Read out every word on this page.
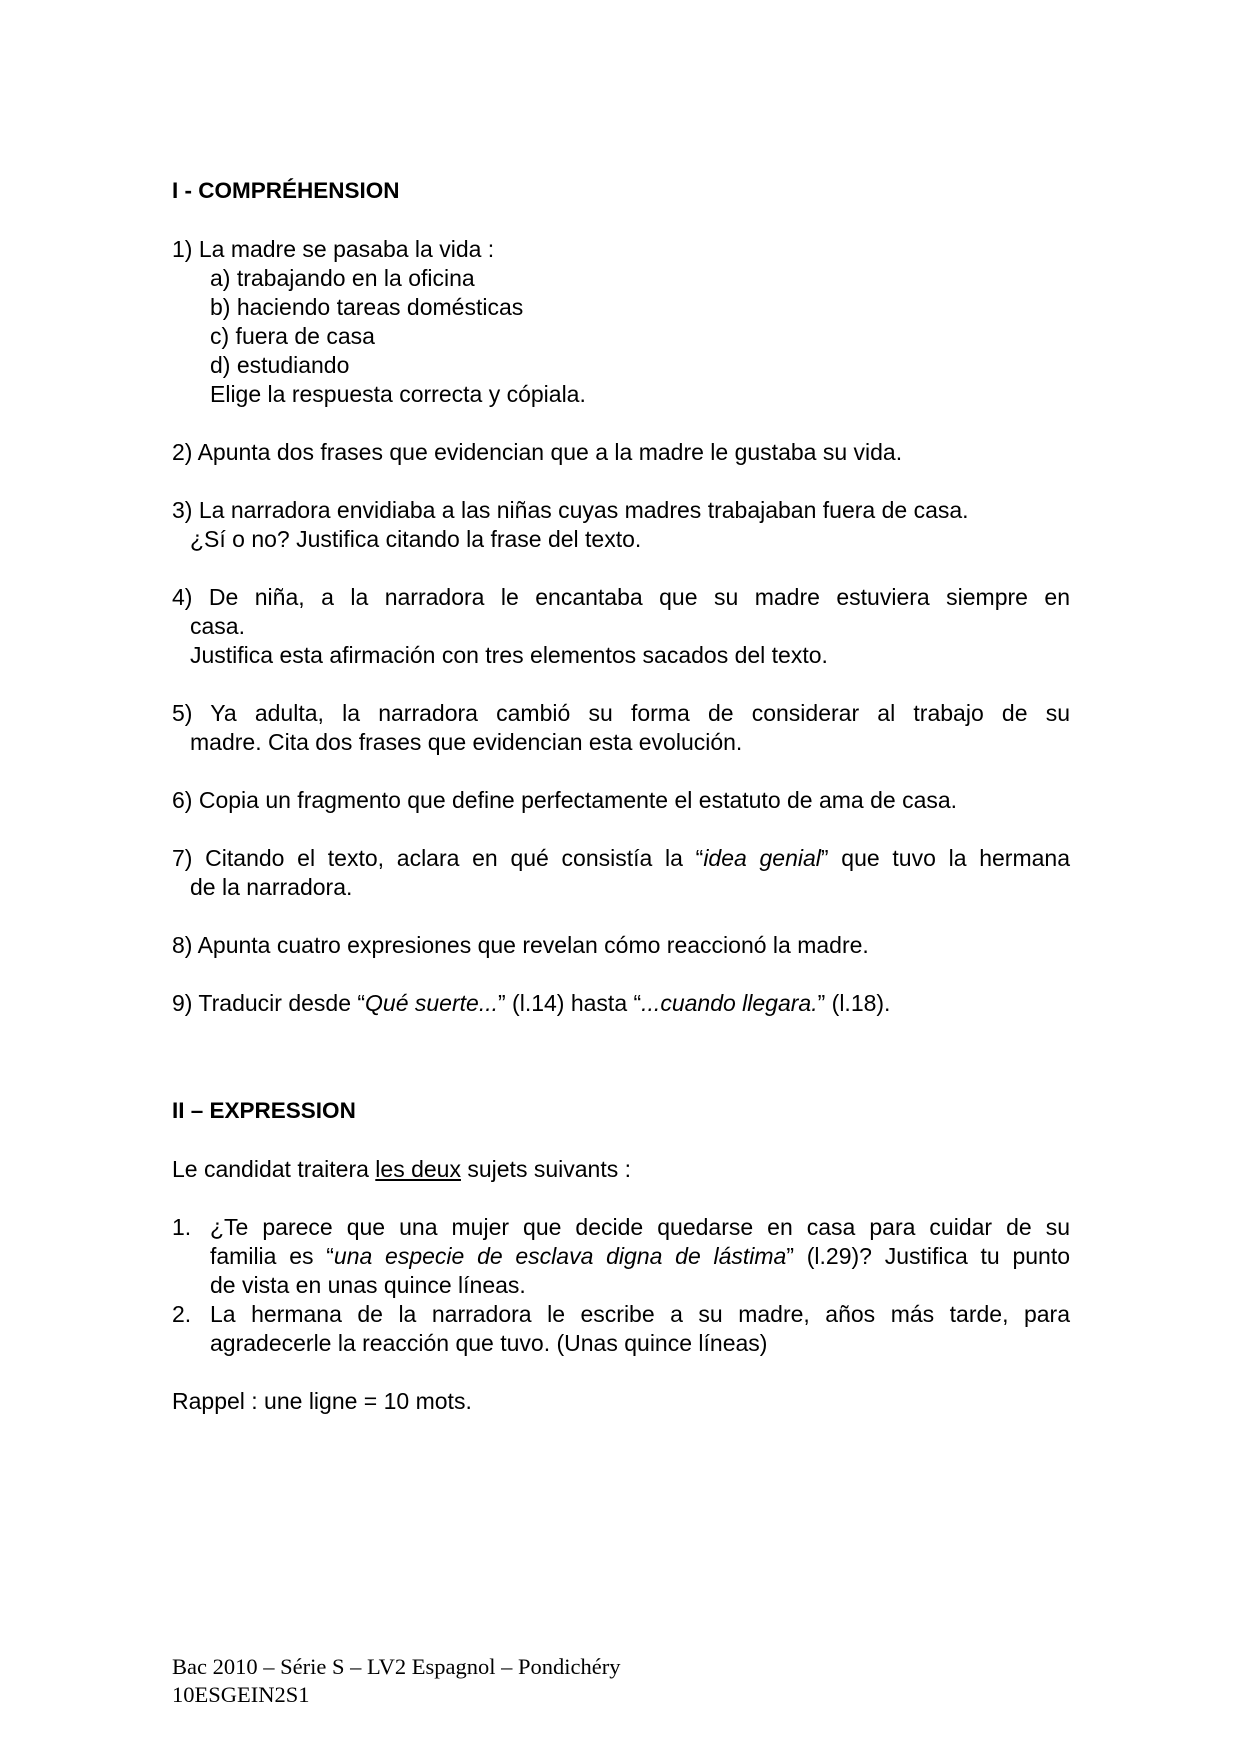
I - COMPRÉHENSION
1) La madre se pasaba la vida :
a) trabajando en la oficina
b) haciendo tareas domésticas
c) fuera de casa
d) estudiando
Elige la respuesta correcta y cópiala.
2) Apunta dos frases que evidencian que a la madre le gustaba su vida.
3) La narradora envidiaba a las niñas cuyas madres trabajaban fuera de casa.
¿Sí o no? Justifica citando la frase del texto.
4) De niña, a la narradora le encantaba que su madre estuviera siempre en
casa.
Justifica esta afirmación con tres elementos sacados del texto.
5) Ya adulta, la narradora cambió su forma de considerar al trabajo de su
madre. Cita dos frases que evidencian esta evolución.
6) Copia un fragmento que define perfectamente el estatuto de ama de casa.
7) Citando el texto, aclara en qué consistía la “idea genial” que tuvo la hermana
de la narradora.
8) Apunta cuatro expresiones que revelan cómo reaccionó la madre.
9) Traducir desde “Qué suerte...” (l.14) hasta “...cuando llegara.” (l.18).
II – EXPRESSION
Le candidat traitera les deux sujets suivants :
1. ¿Te parece que una mujer que decide quedarse en casa para cuidar de su
familia es “una especie de esclava digna de lástima” (l.29)? Justifica tu punto
de vista en unas quince líneas.
2. La hermana de la narradora le escribe a su madre, años más tarde, para
agradecerle la reacción que tuvo. (Unas quince líneas)
Rappel : une ligne = 10 mots.
Bac 2010 – Série S – LV2 Espagnol – Pondichéry
10ESGEIN2S1
